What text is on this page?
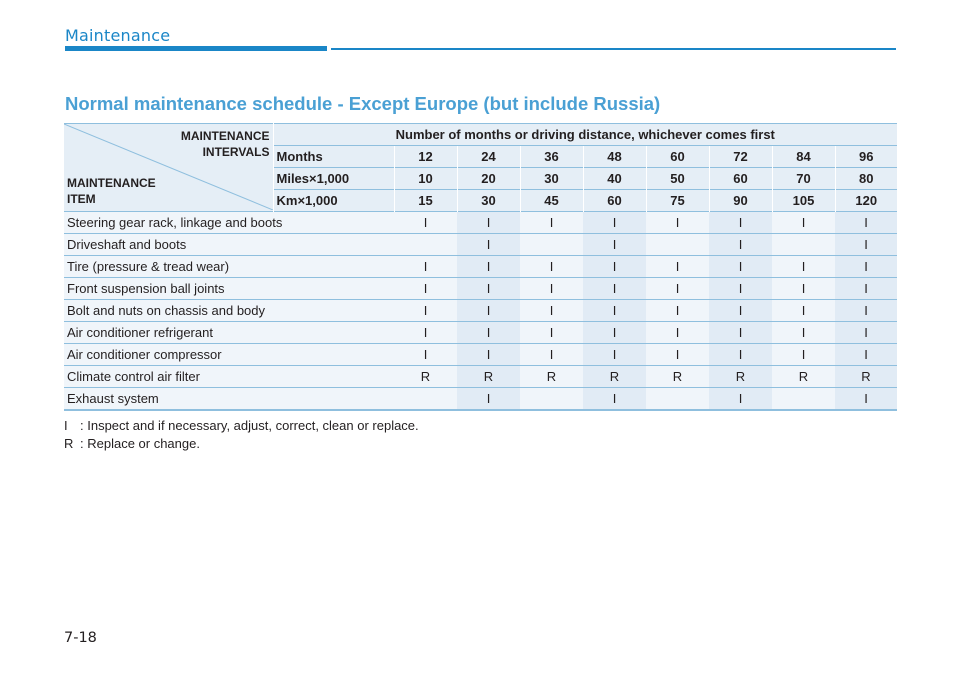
Maintenance
Normal maintenance schedule - Except Europe (but include Russia)
MAINTENANCE
INTERVALS
MAINTENANCE
ITEM	Number of months or driving distance, whichever comes first								
	Months	12	24	36	48	60	72	84	96
	Miles×1,000	10	20	30	40	50	60	70	80
	Km×1,000	15	30	45	60	75	90	105	120
Steering gear rack, linkage and boots		I	I	I	I	I	I	I	I
Driveshaft and boots			I		I		I		I
Tire (pressure & tread wear)		I	I	I	I	I	I	I	I
Front suspension ball joints		I	I	I	I	I	I	I	I
Bolt and nuts on chassis and body		I	I	I	I	I	I	I	I
Air conditioner refrigerant		I	I	I	I	I	I	I	I
Air conditioner compressor		I	I	I	I	I	I	I	I
Climate control air filter		R	R	R	R	R	R	R	R
Exhaust system			I		I		I		I
I : Inspect and if necessary, adjust, correct, clean or replace.
R : Replace or change.
7-18
